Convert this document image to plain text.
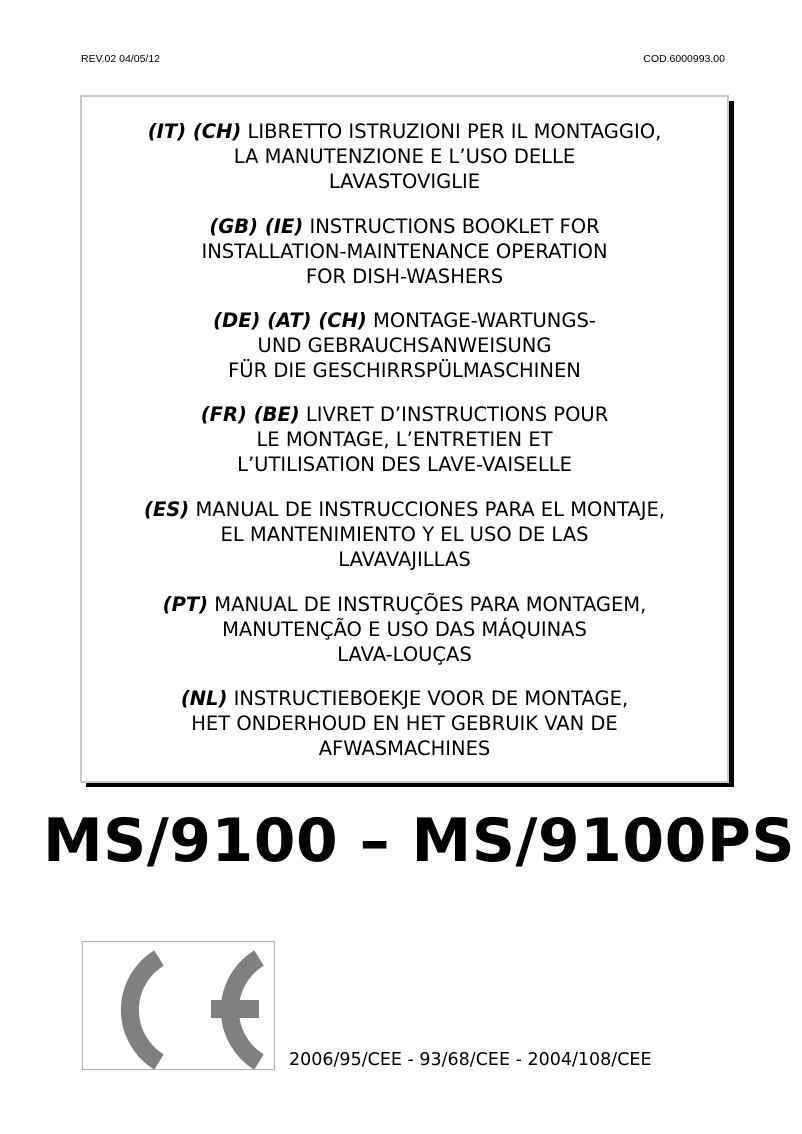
REV.02 04/05/12	COD.6000993.00
(IT) (CH) LIBRETTO ISTRUZIONI PER IL MONTAGGIO,
LA MANUTENZIONE E L’USO DELLE
LAVASTOVIGLIE
(GB) (IE) INSTRUCTIONS BOOKLET FOR
INSTALLATION-MAINTENANCE OPERATION
FOR DISH-WASHERS
(DE) (AT) (CH) MONTAGE-WARTUNGS-
UND GEBRAUCHSANWEISUNG
FÜR DIE GESCHIRRSPÜLMASCHINEN
(FR) (BE) LIVRET D’INSTRUCTIONS POUR
LE MONTAGE, L’ENTRETIEN ET
L’UTILISATION DES LAVE-VAISELLE
(ES) MANUAL DE INSTRUCCIONES PARA EL MONTAJE,
EL MANTENIMIENTO Y EL USO DE LAS
LAVAVAJILLAS
(PT) MANUAL DE INSTRUÇÕES PARA MONTAGEM,
MANUTENÇÃO E USO DAS MÁQUINAS
LAVA-LOUÇAS
(NL) INSTRUCTIEBOEKJE VOOR DE MONTAGE,
HET ONDERHOUD EN HET GEBRUIK VAN DE
AFWASMACHINES
MS/9100 – MS/9100PS
2006/95/CEE - 93/68/CEE - 2004/108/CEE
